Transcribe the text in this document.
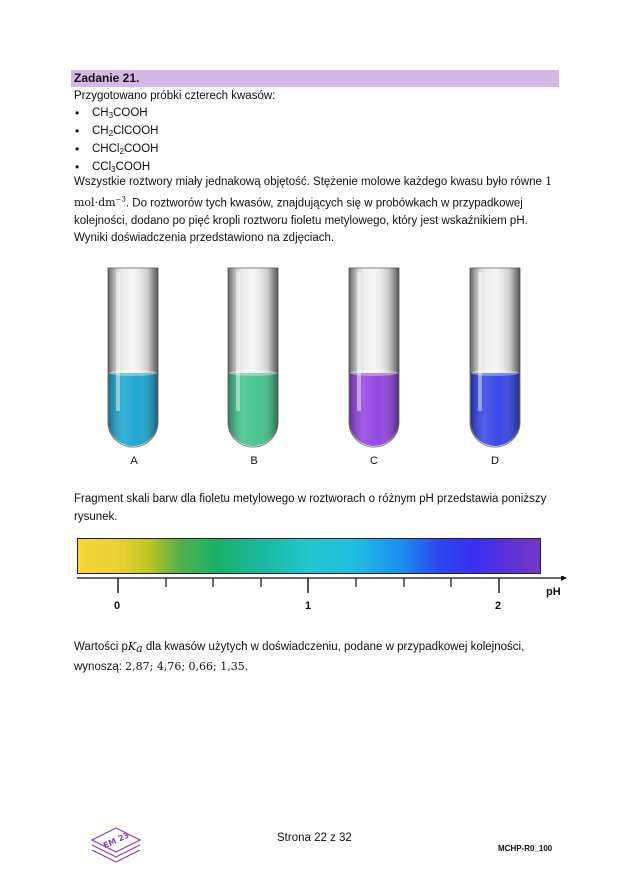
Zadanie 21.
Przygotowano próbki czterech kwasów:
• $CH_3COOH$
• $CH_2ClCOOH$
• CHCl$_2$COOH
• CCl$_3$COOH
Wszystkie roztwory miały jednakową objętość. Stężenie molowe każdego kwasu było równe 1 $mol\cdot dm^{-3}$. Do roztworów tych kwasów, znajdujących się w probówkach w przypadkowej kolejności, dodano po pięć kropli roztworu fioletu metylowego, który jest wskaźnikiem pH. Wyniki doświadczenia przedstawiono na zdjęciach.
A	B	C	D
Fragment skali barw dla fioletu metylowego w roztworach o różnym pH przedstawia poniższy rysunek.
0	1	2
pH
Wartości $pK_a$ dla kwasów użytych w doświadczeniu, podane w przypadkowej kolejności, wynoszą: 2,87; 4,76; 0,66; 1,35.
EM 23	Strona 22 z 32
MCHP-R0_100
